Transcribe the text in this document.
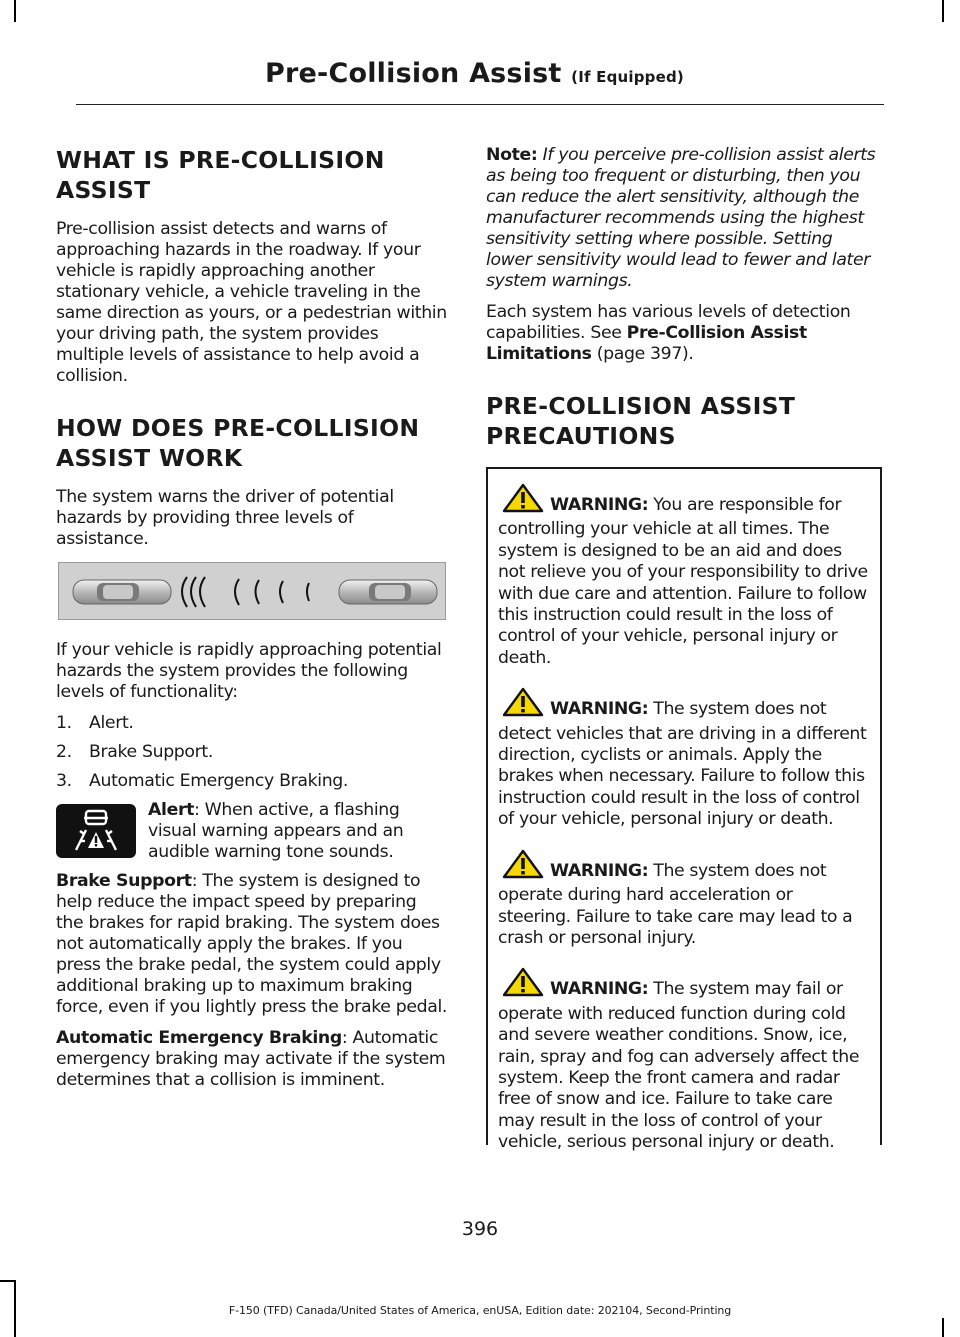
Pre-Collision Assist (If Equipped)
WHAT IS PRE-COLLISION
ASSIST

Pre-collision assist detects and warns of approaching hazards in the roadway. If your vehicle is rapidly approaching another stationary vehicle, a vehicle traveling in the same direction as yours, or a pedestrian within your driving path, the system provides multiple levels of assistance to help avoid a collision.

HOW DOES PRE-COLLISION
ASSIST WORK

The system warns the driver of potential hazards by providing three levels of assistance.

If your vehicle is rapidly approaching potential hazards the system provides the following levels of functionality:

1. Alert.
2. Brake Support.
3. Automatic Emergency Braking.

Alert: When active, a flashing visual warning appears and an audible warning tone sounds.

Brake Support: The system is designed to help reduce the impact speed by preparing the brakes for rapid braking. The system does not automatically apply the brakes. If you press the brake pedal, the system could apply additional braking up to maximum braking force, even if you lightly press the brake pedal.

Automatic Emergency Braking: Automatic emergency braking may activate if the system determines that a collision is imminent.

Note: If you perceive pre-collision assist alerts as being too frequent or disturbing, then you can reduce the alert sensitivity, although the manufacturer recommends using the highest sensitivity setting where possible. Setting lower sensitivity would lead to fewer and later system warnings.

Each system has various levels of detection capabilities. See Pre-Collision Assist Limitations (page 397).

PRE-COLLISION ASSIST
PRECAUTIONS
WARNING: You are responsible for controlling your vehicle at all times. The system is designed to be an aid and does not relieve you of your responsibility to drive with due care and attention. Failure to follow this instruction could result in the loss of control of your vehicle, personal injury or death.
WARNING: The system does not detect vehicles that are driving in a different direction, cyclists or animals. Apply the brakes when necessary. Failure to follow this instruction could result in the loss of control of your vehicle, personal injury or death.
WARNING: The system does not operate during hard acceleration or steering. Failure to take care may lead to a crash or personal injury.
WARNING: The system may fail or operate with reduced function during cold and severe weather conditions. Snow, ice, rain, spray and fog can adversely affect the system. Keep the front camera and radar free of snow and ice. Failure to take care may result in the loss of control of your vehicle, serious personal injury or death.
396
F-150 (TFD) Canada/United States of America, enUSA, Edition date: 202104, Second-Printing
